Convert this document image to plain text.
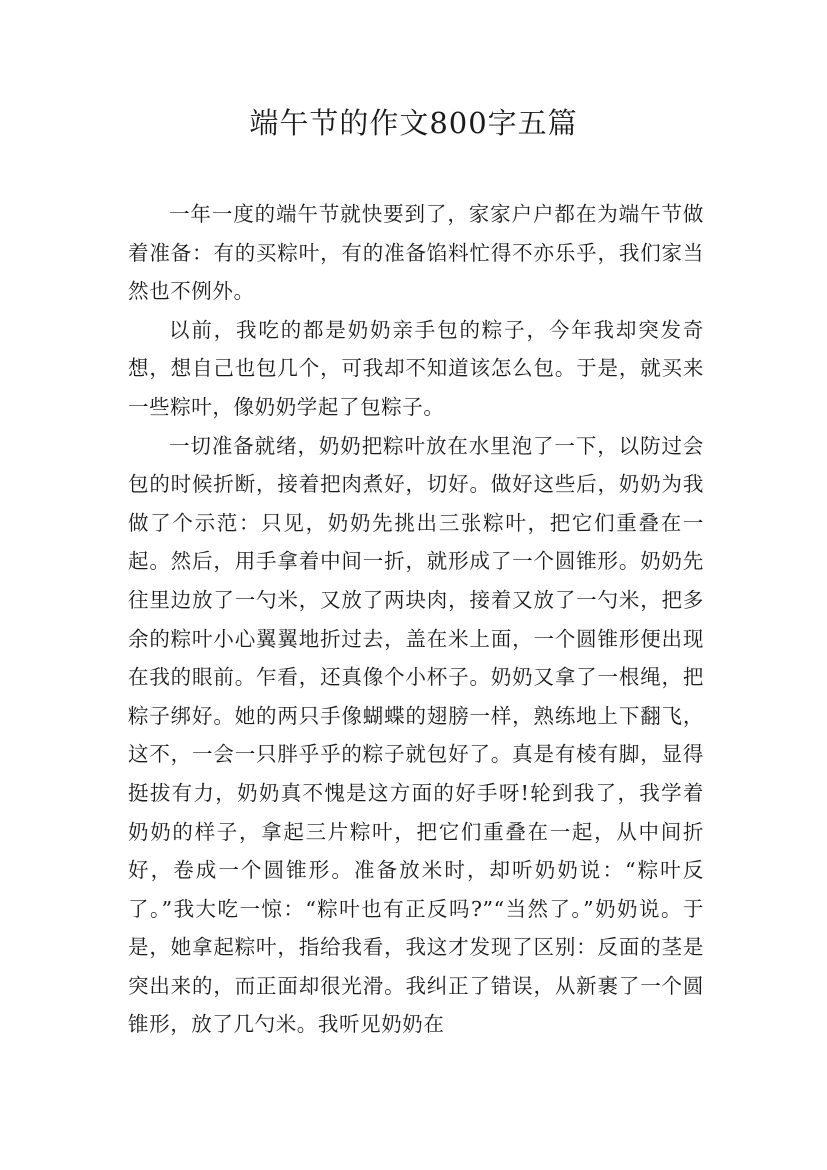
端午节的作文800字五篇

一年一度的端午节就快要到了，家家户户都在为端午节做着准备：有的买粽叶，有的准备馅料忙得不亦乐乎，我们家当然也不例外。

以前，我吃的都是奶奶亲手包的粽子，今年我却突发奇想，想自己也包几个，可我却不知道该怎么包。于是，就买来一些粽叶，像奶奶学起了包粽子。

一切准备就绪，奶奶把粽叶放在水里泡了一下，以防过会包的时候折断，接着把肉煮好，切好。做好这些后，奶奶为我做了个示范：只见，奶奶先挑出三张粽叶，把它们重叠在一起。然后，用手拿着中间一折，就形成了一个圆锥形。奶奶先往里边放了一勺米，又放了两块肉，接着又放了一勺米，把多余的粽叶小心翼翼地折过去，盖在米上面，一个圆锥形便出现在我的眼前。乍看，还真像个小杯子。奶奶又拿了一根绳，把粽子绑好。她的两只手像蝴蝶的翅膀一样，熟练地上下翻飞，这不，一会一只胖乎乎的粽子就包好了。真是有棱有脚，显得挺拔有力，奶奶真不愧是这方面的好手呀!轮到我了，我学着奶奶的样子，拿起三片粽叶，把它们重叠在一起，从中间折好，卷成一个圆锥形。准备放米时，却听奶奶说：“粽叶反了。”我大吃一惊：“粽叶也有正反吗?”“当然了。”奶奶说。于是，她拿起粽叶，指给我看，我这才发现了区别：反面的茎是突出来的，而正面却很光滑。我纠正了错误，从新裹了一个圆锥形，放了几勺米。我听见奶奶在
